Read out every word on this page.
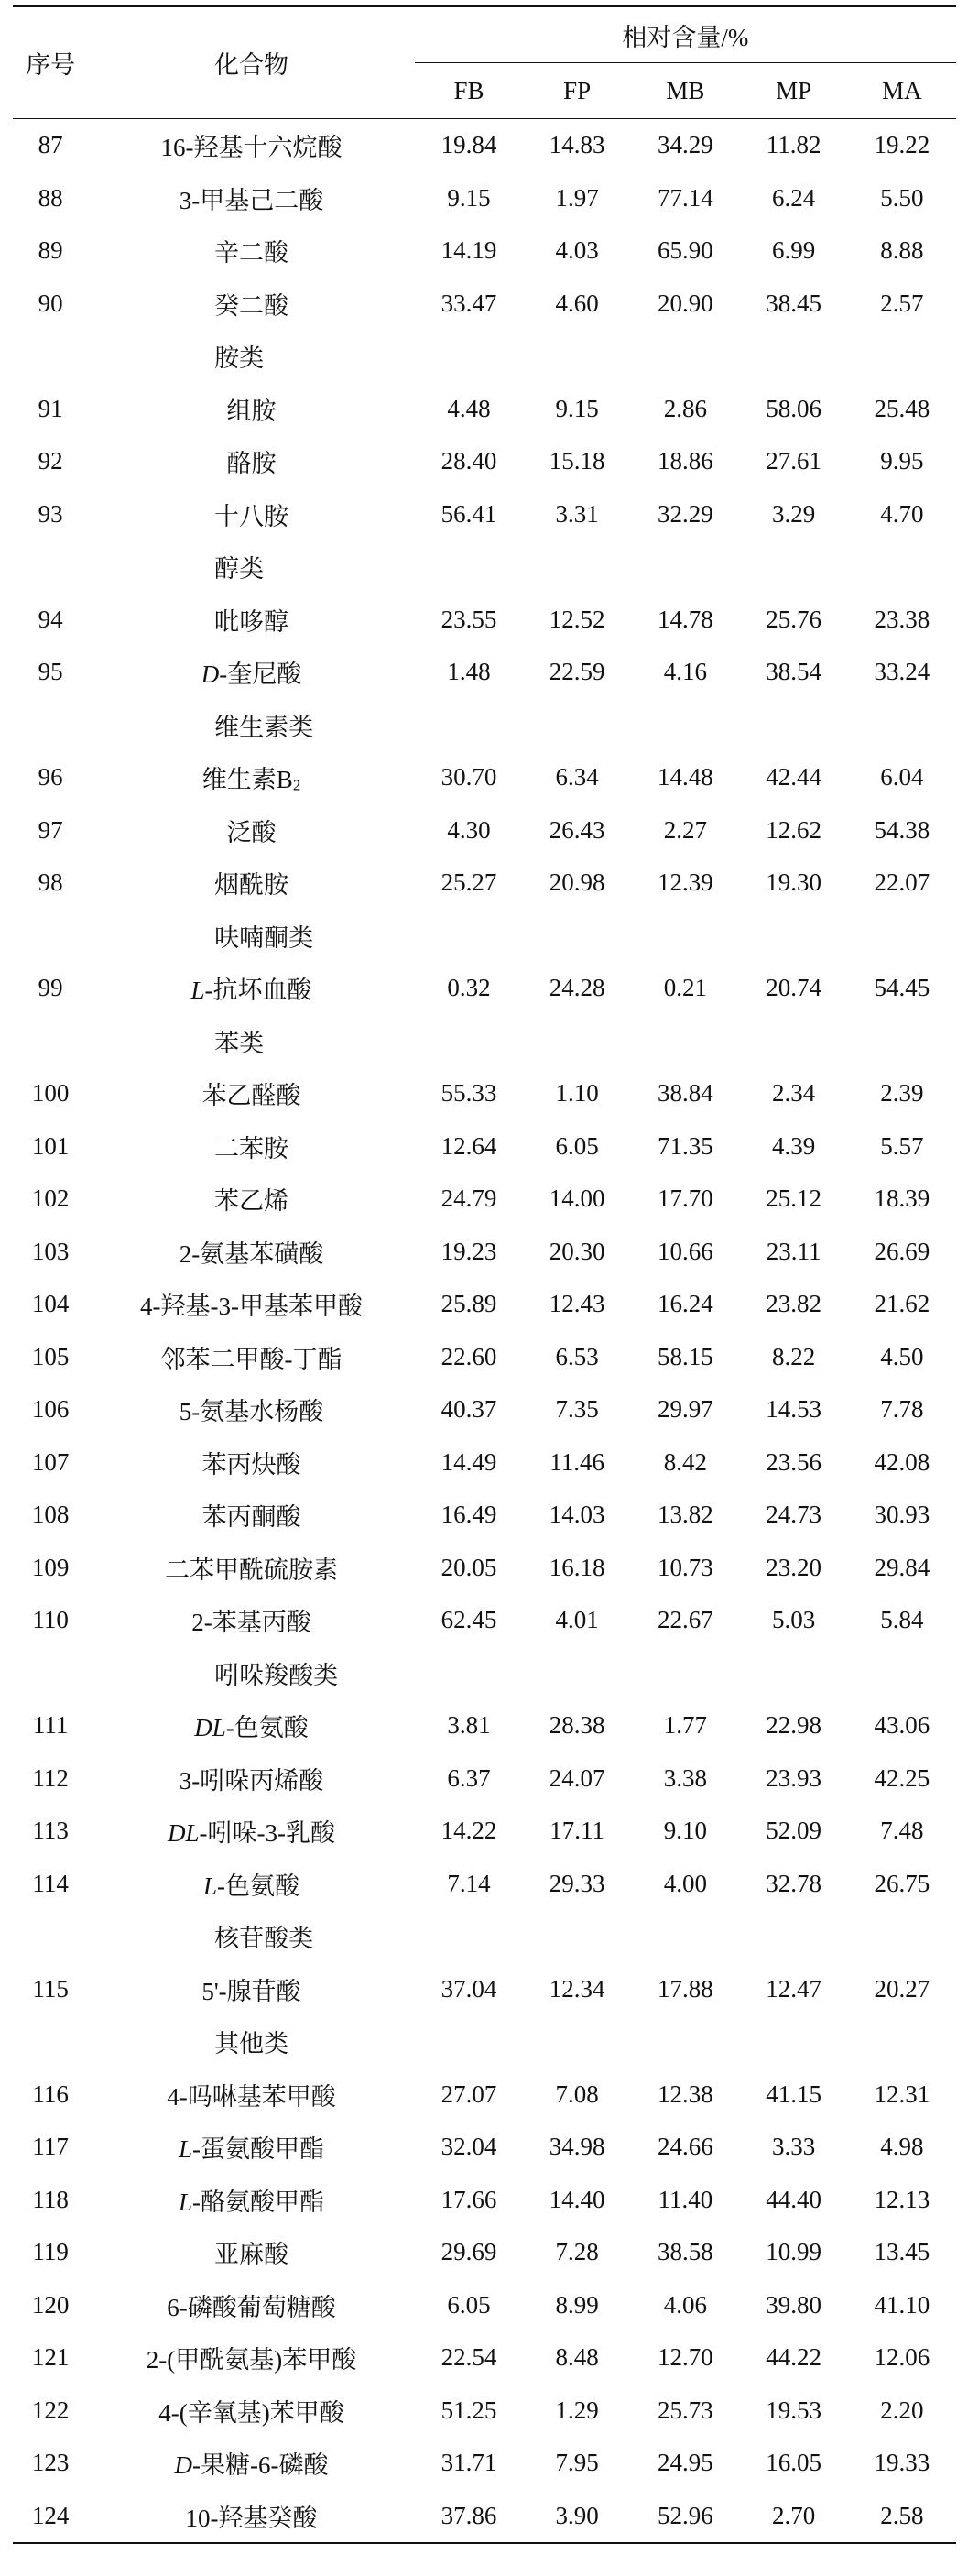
序号	化合物	相对含量/%				
		FB	FP	MB	MP	MA
87	16-羟基十六烷酸	19.84	14.83	34.29	11.82	19.22
88	3-甲基己二酸	9.15	1.97	77.14	6.24	5.50
89	辛二酸	14.19	4.03	65.90	6.99	8.88
90	癸二酸	33.47	4.60	20.90	38.45	2.57
	胺类					
91	组胺	4.48	9.15	2.86	58.06	25.48
92	酪胺	28.40	15.18	18.86	27.61	9.95
93	十八胺	56.41	3.31	32.29	3.29	4.70
	醇类					
94	吡哆醇	23.55	12.52	14.78	25.76	23.38
95	D-奎尼酸	1.48	22.59	4.16	38.54	33.24
	维生素类					
96	维生素$B_2$	30.70	6.34	14.48	42.44	6.04
97	泛酸	4.30	26.43	2.27	12.62	54.38
98	烟酰胺	25.27	20.98	12.39	19.30	22.07
	呋喃酮类					
99	L-抗坏血酸	0.32	24.28	0.21	20.74	54.45
	苯类					
100	苯乙醛酸	55.33	1.10	38.84	2.34	2.39
101	二苯胺	12.64	6.05	71.35	4.39	5.57
102	苯乙烯	24.79	14.00	17.70	25.12	18.39
103	2-氨基苯磺酸	19.23	20.30	10.66	23.11	26.69
104	4-羟基-3-甲基苯甲酸	25.89	12.43	16.24	23.82	21.62
105	邻苯二甲酸-丁酯	22.60	6.53	58.15	8.22	4.50
106	5-氨基水杨酸	40.37	7.35	29.97	14.53	7.78
107	苯丙炔酸	14.49	11.46	8.42	23.56	42.08
108	苯丙酮酸	16.49	14.03	13.82	24.73	30.93
109	二苯甲酰硫胺素	20.05	16.18	10.73	23.20	29.84
110	2-苯基丙酸	62.45	4.01	22.67	5.03	5.84
	吲哚羧酸类					
111	DL-色氨酸	3.81	28.38	1.77	22.98	43.06
112	3-吲哚丙烯酸	6.37	24.07	3.38	23.93	42.25
113	DL-吲哚-3-乳酸	14.22	17.11	9.10	52.09	7.48
114	L-色氨酸	7.14	29.33	4.00	32.78	26.75
	核苷酸类					
115	5'-腺苷酸	37.04	12.34	17.88	12.47	20.27
	其他类					
116	4-吗啉基苯甲酸	27.07	7.08	12.38	41.15	12.31
117	L-蛋氨酸甲酯	32.04	34.98	24.66	3.33	4.98
118	L-酪氨酸甲酯	17.66	14.40	11.40	44.40	12.13
119	亚麻酸	29.69	7.28	38.58	10.99	13.45
120	6-磷酸葡萄糖酸	6.05	8.99	4.06	39.80	41.10
121	2-(甲酰氨基)苯甲酸	22.54	8.48	12.70	44.22	12.06
122	4-(辛氧基)苯甲酸	51.25	1.29	25.73	19.53	2.20
123	D-果糖-6-磷酸	31.71	7.95	24.95	16.05	19.33
124	10-羟基癸酸	37.86	3.90	52.96	2.70	2.58
